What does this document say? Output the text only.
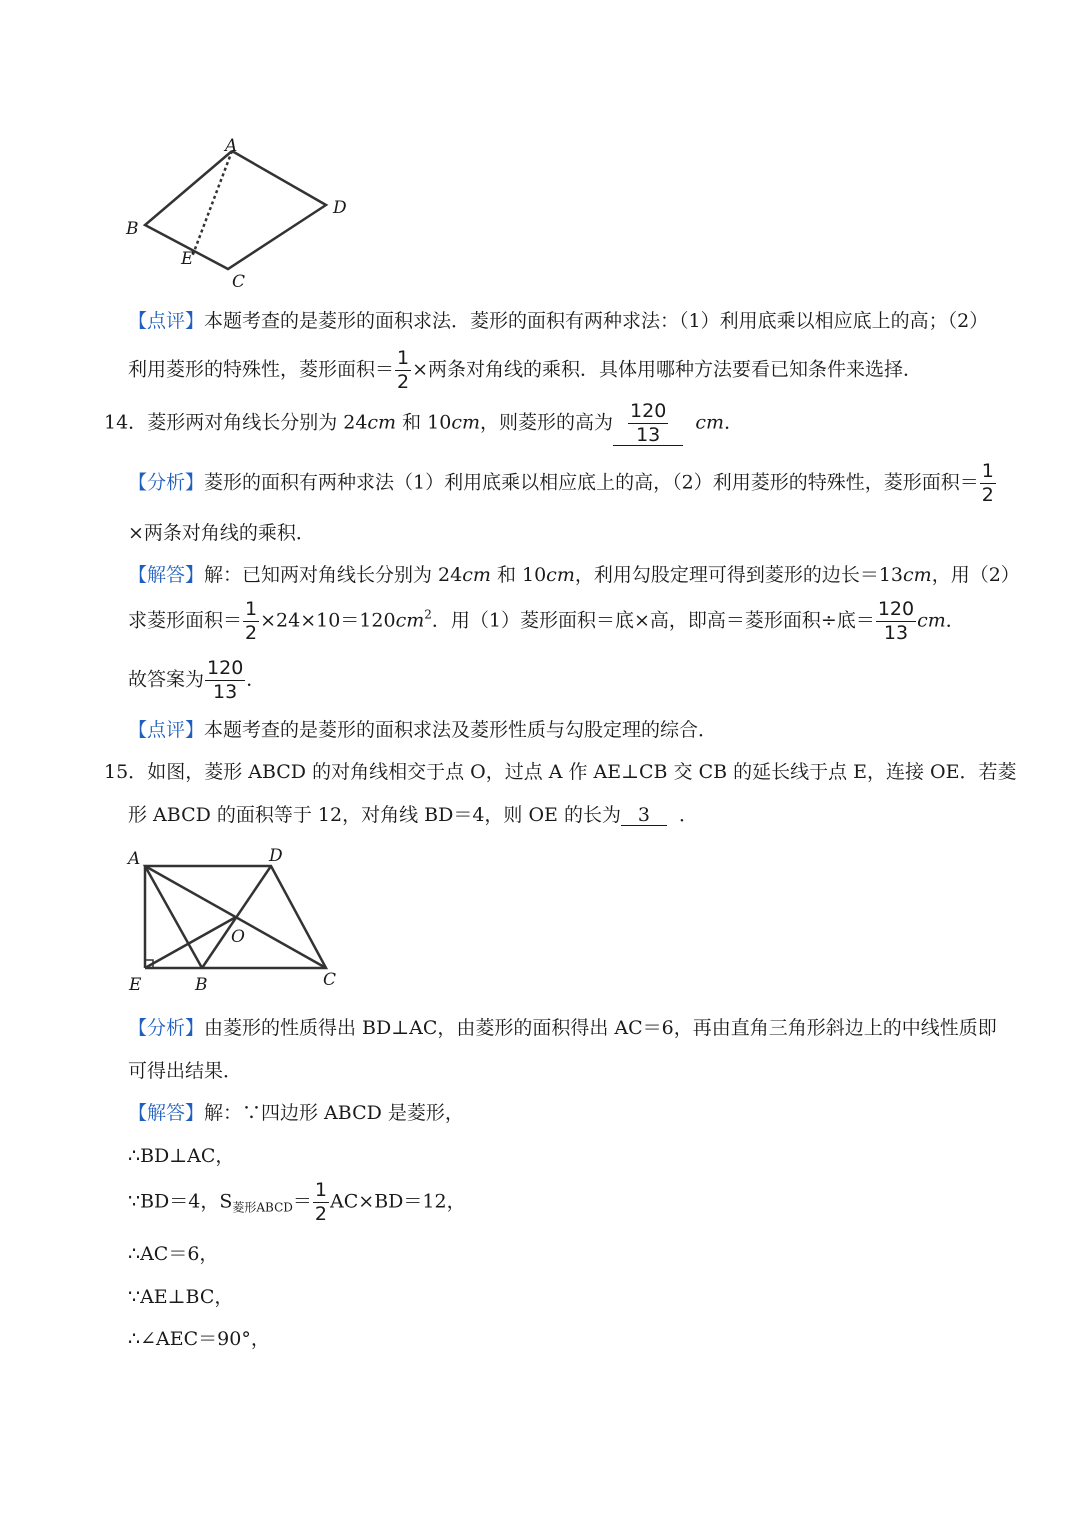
A
D
B
E
C
【点评】本题考查的是菱形的面积求法．菱形的面积有两种求法：（1）利用底乘以相应底上的高；（2）
利用菱形的特殊性，菱形面积＝ $\frac{1}{2}$ ×两条对角线的乘积．具体用哪种方法要看已知条件来选择．
14．菱形两对角线长分别为 24cm 和 10cm，则菱形的高为 $\frac{120}{13}$ cm．
【分析】菱形的面积有两种求法（1）利用底乘以相应底上的高，（2）利用菱形的特殊性，菱形面积＝ $\frac{1}{2}$
×两条对角线的乘积．
【解答】解：已知两对角线长分别为 24cm 和 10cm，利用勾股定理可得到菱形的边长＝13cm，用（2）
求菱形面积＝ $\frac{1}{2} \times 24\times 10=120cm^2$．用（1）菱形面积＝底×高，即高＝菱形面积÷底＝ $\frac{120}{13}$ cm．
故答案为 $\frac{120}{13}$ ．
【点评】本题考查的是菱形的面积求法及菱形性质与勾股定理的综合．
15．如图，菱形 ABCD 的对角线相交于点 O，过点 A 作 AE⊥CB 交 CB 的延长线于点 E，连接 OE．若菱
形 ABCD 的面积等于 12，对角线 BD＝4，则 OE 的长为 3 ．
A	D
O
E	B	C
【分析】由菱形的性质得出 BD⊥AC，由菱形的面积得出 AC＝6，再由直角三角形斜边上的中线性质即
可得出结果．
【解答】解：∵四边形 ABCD 是菱形，
∴BD⊥AC，
∵BD＝4，$S_{菱形ABCD}= \frac{1}{2} AC\times BD=12$，
∴AC＝6，
∵AE⊥BC，
∴∠AEC＝90°，
